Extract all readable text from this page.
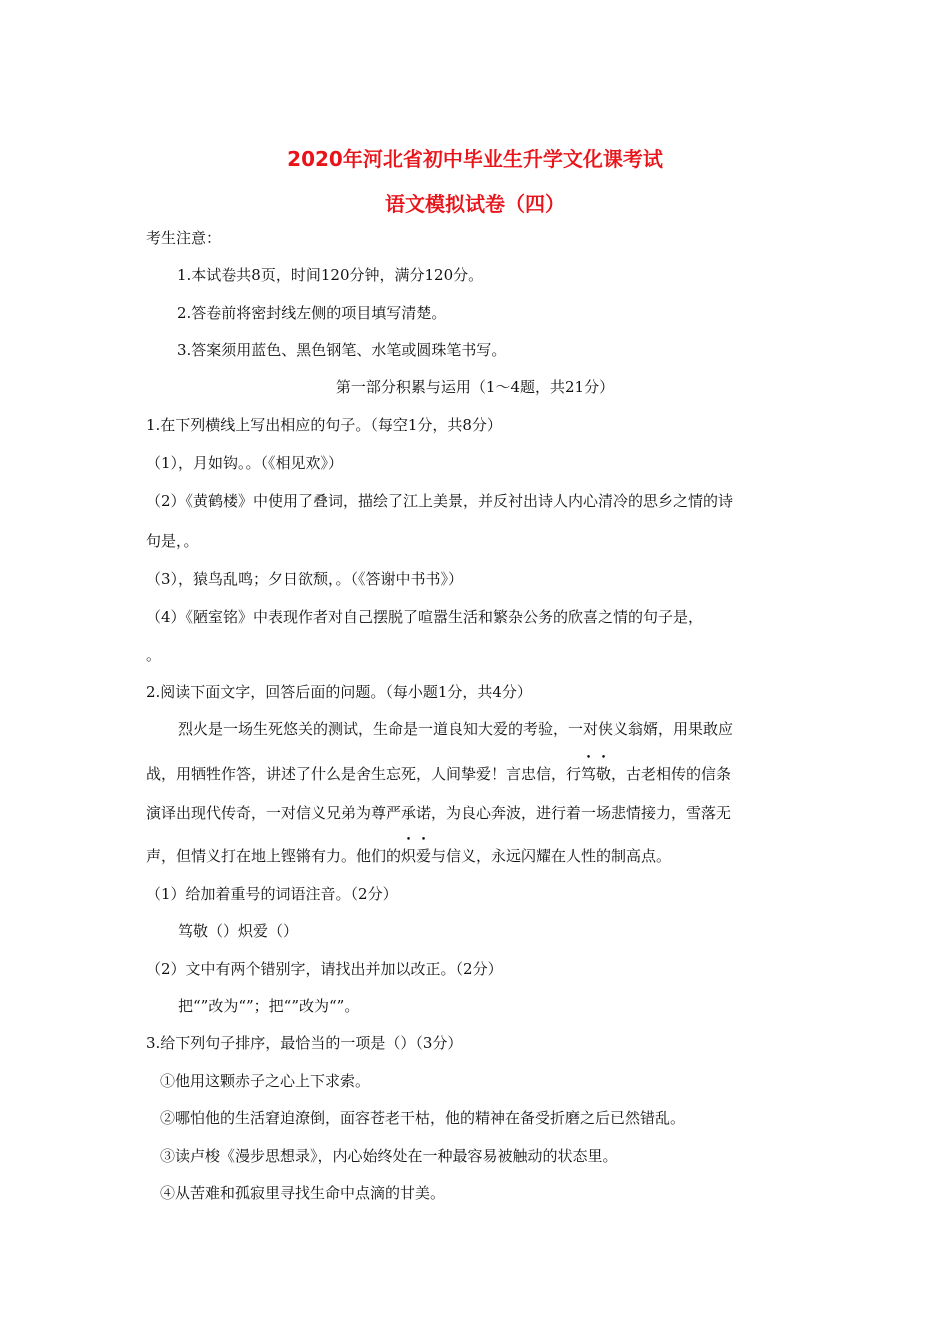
2020年河北省初中毕业生升学文化课考试
语文模拟试卷（四）
考生注意：
1.本试卷共8页，时间120分钟，满分120分。
2.答卷前将密封线左侧的项目填写清楚。
3.答案须用蓝色、黑色钢笔、水笔或圆珠笔书写。
第一部分积累与运用（1～4题，共21分）
1.在下列横线上写出相应的句子。（每空1分，共8分）
（1），月如钩。。（《相见欢》）
（2）《黄鹤楼》中使用了叠词，描绘了江上美景，并反衬出诗人内心清冷的思乡之情的诗
句是，。
（3），猿鸟乱鸣；夕日欲颓，。（《答谢中书书》）
（4）《陋室铭》中表现作者对自己摆脱了喧嚣生活和繁杂公务的欣喜之情的句子是，
。
2.阅读下面文字，回答后面的问题。（每小题1分，共4分）
烈火是一场生死悠关的测试，生命是一道良知大爱的考验，一对侠义翁婿，用果敢应
战，用牺牲作答，讲述了什么是舍生忘死，人间挚爱！言忠信，行笃敬，古老相传的信条
演译出现代传奇，一对信义兄弟为尊严承诺，为良心奔波，进行着一场悲情接力，雪落无
声，但情义打在地上铿锵有力。他们的炽爱与信义，永远闪耀在人性的制高点。
（1）给加着重号的词语注音。（2分）
笃敬（）炽爱（）
（2）文中有两个错别字，请找出并加以改正。（2分）
把“”改为“”；把“”改为“”。
3.给下列句子排序，最恰当的一项是（）（3分）
①他用这颗赤子之心上下求索。
②哪怕他的生活窘迫潦倒，面容苍老干枯，他的精神在备受折磨之后已然错乱。
③读卢梭《漫步思想录》，内心始终处在一种最容易被触动的状态里。
④从苦难和孤寂里寻找生命中点滴的甘美。
